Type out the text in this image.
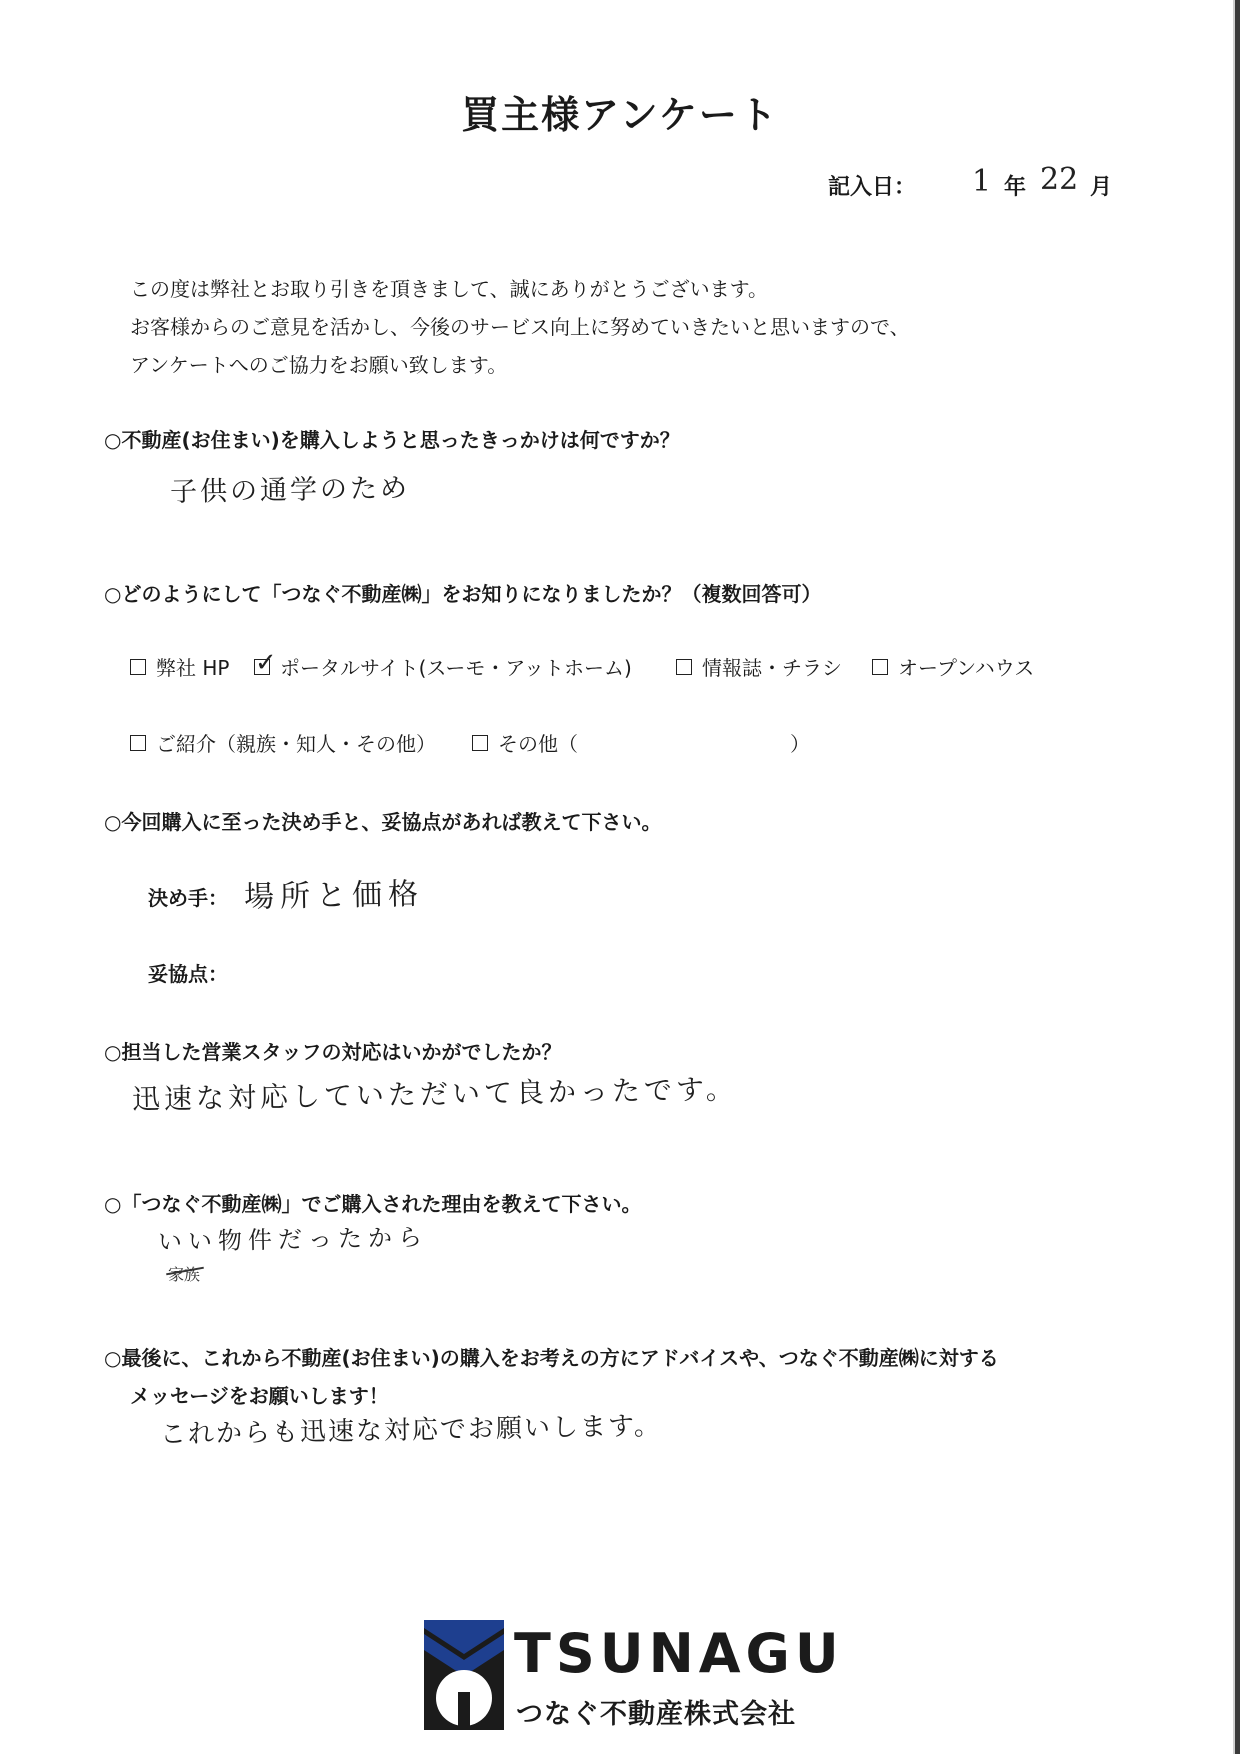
買主様アンケート
記入日： 1 年 22 月
この度は弊社とお取り引きを頂きまして、誠にありがとうございます。
お客様からのご意見を活かし、今後のサービス向上に努めていきたいと思いますので、
アンケートへのご協力をお願い致します。
○不動産(お住まい)を購入しようと思ったきっかけは何ですか？
子供の通学のため
○どのようにして「つなぐ不動産㈱」をお知りになりましたか？（複数回答可）
弊社 HP ✓ ポータルサイト(スーモ・アットホーム)	情報誌・チラシ	オープンハウス
ご紹介（親族・知人・その他）	その他（	）
○今回購入に至った決め手と、妥協点があれば教えて下さい。
決め手： 場所と価格
妥協点：
○担当した営業スタッフの対応はいかがでしたか？
迅速な対応していただいて良かったです。
○「つなぐ不動産㈱」でご購入された理由を教えて下さい。
いい物件だったから
家族
○最後に、これから不動産(お住まい)の購入をお考えの方にアドバイスや、つなぐ不動産㈱に対する
メッセージをお願いします！
これからも迅速な対応でお願いします。
TSUNAGU
つなぐ不動産株式会社
